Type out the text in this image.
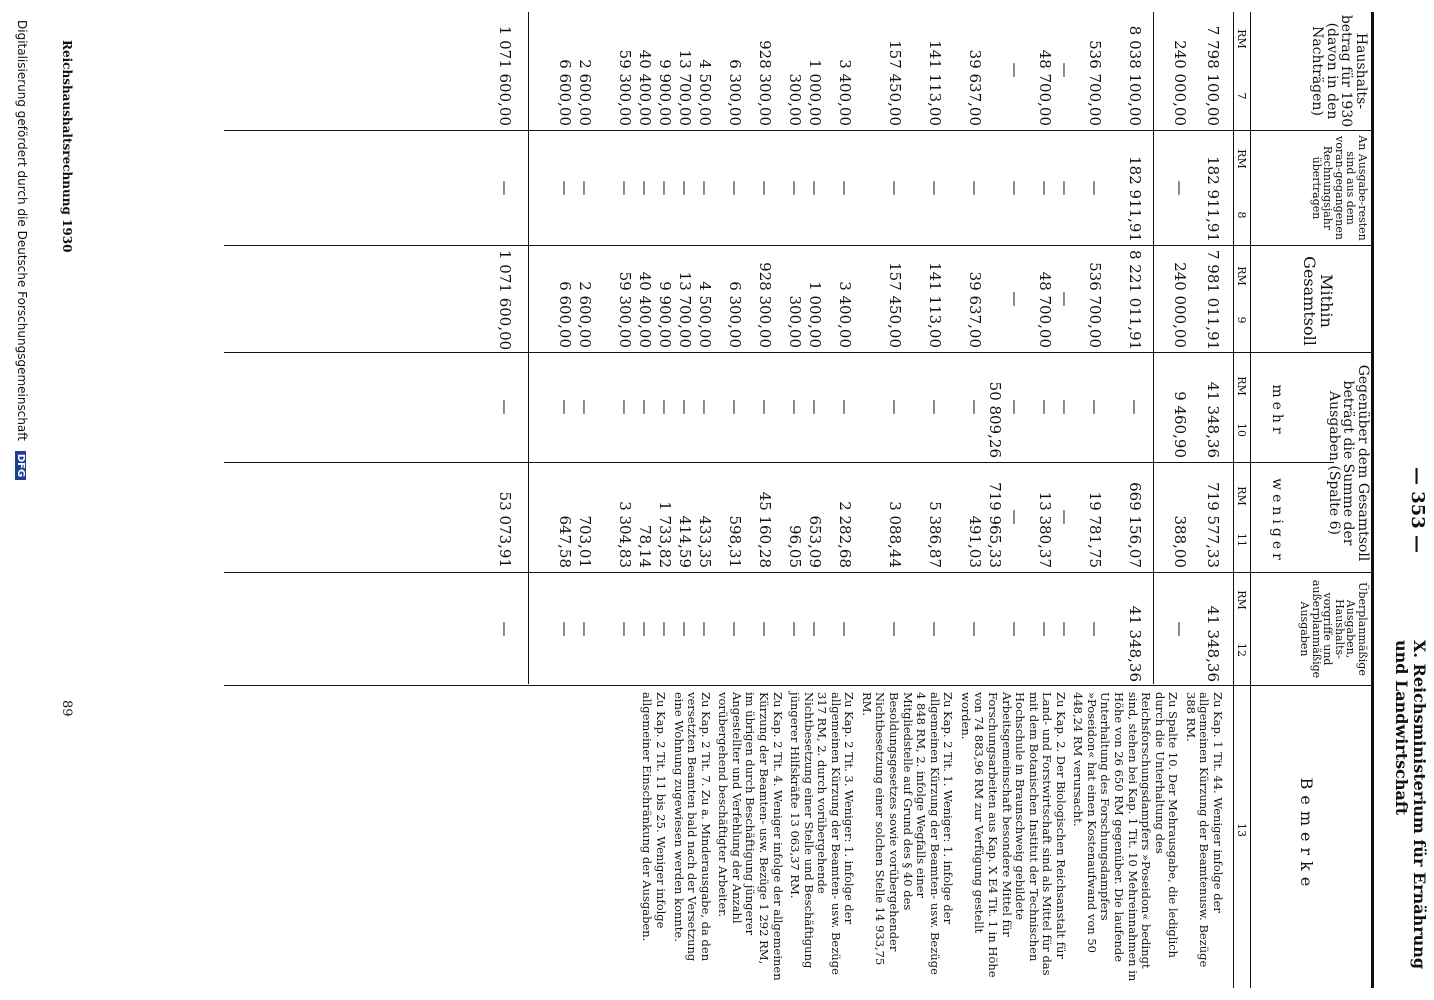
— 353 —
X. Reichsministerium für Ernährung und Landwirtschaft
Haushalts-betrag für 1930 (davon in den Nachträgen)
An Ausgabe-resten sind aus dem voran-gegangenen Rechnungsjahr übertragen
Mithin Gesamtsoll
Gegenüber dem Gesamtsoll beträgt die Summe der Ausgaben (Spalte 6)
mehr
weniger
Überplanmäßige Ausgaben, Haushalts-vorgriffe und außerplanmäßige Ausgaben
Bemerke
RM
7
RM
8
RM
9
RM
10
RM
11
RM
12
13
50 809,26
719 965,33
Zu Kap. 1 Tit. 44. Weniger infolge der allgemeinen Kürzung der Beamtenusw. Bezüge 388 RM.
Zu Spalte 10. Der Mehrausgabe, die lediglich durch die Unterhaltung des Reichsforschungsdampfers »Poseidon« bedingt sind, stehen bei Kap. 1 Tit. 10 Mehreinnahmen in Höhe von 26 650 RM gegenüber. Die laufende Unterhaltung des Forschungsdampfers »Poseidon« hat einen Kostenaufwand von 50 448,24 RM verursacht.
Zu Kap. 2. Der Biologischen Reichsanstalt für Land- und Forstwirtschaft sind als Mittel für das mit dem Botanischen Institut der Technischen Hochschule in Braunschweig gebildete Arbeitsgemeinschaft besondere Mittel für Forschungsarbeiten aus Kap. X E4 Tit. 1 in Höhe von 74 883,96 RM zur Verfügung gestellt worden.
Zu Kap. 2 Tit. 1. Weniger: 1. infolge der allgemeinen Kürzung der Beamten- usw. Bezüge 4 848 RM, 2. infolge Wegfalls einer Mitgliedstelle auf Grund des § 40 des Besoldungsgesetzes sowie vorübergehender Nichtbesetzung einer solchen Stelle 14 933,75 RM.
Zu Kap. 2 Tit. 3. Weniger: 1. infolge der allgemeinen Kürzung der Beamten- usw. Bezüge 317 RM, 2. durch vorübergehende Nichtbesetzung einer Stelle und Beschäftigung jüngerer Hilfskräfte 13 063,37 RM.
Zu Kap. 2 Tit. 4. Weniger infolge der allgemeinen Kürzung der Beamten- usw. Bezüge 1 292 RM, im übrigen durch Beschäftigung jüngerer Angestellter und Verfehlung der Anzahl vorübergehend beschäftigter Arbeiter.
Zu Kap. 2 Tit. 7. Zu a. Minderausgabe, da den versetzten Beamten bald nach der Versetzung eine Wohnung zugewiesen werden konnte.
Zu Kap. 2 Tit. 11 bis 25. Weniger infolge allgemeiner Einschränkung der Ausgaben.
Reichshaushaltsrechnung 1930
89
Digitalisierung gefördert durch die Deutsche Forschungsgemeinschaft DFG
7 798 100,00
182 911,91
7 981 011,91
41 348,36
719 577,33
41 348,36
240 000,00
—
240 000,00
9 460,90
388,00
—
8 038 100,00
182 911,91
8 221 011,91
—
669 156,07
41 348,36
536 700,00
—
536 700,00
—
19 781,75
—
—
—
—
—
—
—
48 700,00
—
48 700,00
—
13 380,37
—
—
—
—
—
—
—
39 637,00
—
39 637,00
—
491,03
—
141 113,00
—
141 113,00
—
5 386,87
—
157 450,00
—
157 450,00
—
3 088,44
—
3 400,00
—
3 400,00
—
2 282,68
—
1 000,00
—
1 000,00
—
653,09
—
300,00
—
300,00
—
96,05
—
928 300,00
—
928 300,00
—
45 160,28
—
6 300,00
—
6 300,00
—
598,31
—
4 500,00
—
4 500,00
—
433,35
—
13 700,00
—
13 700,00
—
414,59
—
9 900,00
—
9 900,00
—
1 733,82
—
40 400,00
—
40 400,00
—
78,14
—
59 300,00
—
59 300,00
—
3 304,83
—
2 600,00
—
2 600,00
—
703,01
—
6 600,00
—
6 600,00
—
647,58
—
1 071 600,00
—
1 071 600,00
—
53 073,91
—
